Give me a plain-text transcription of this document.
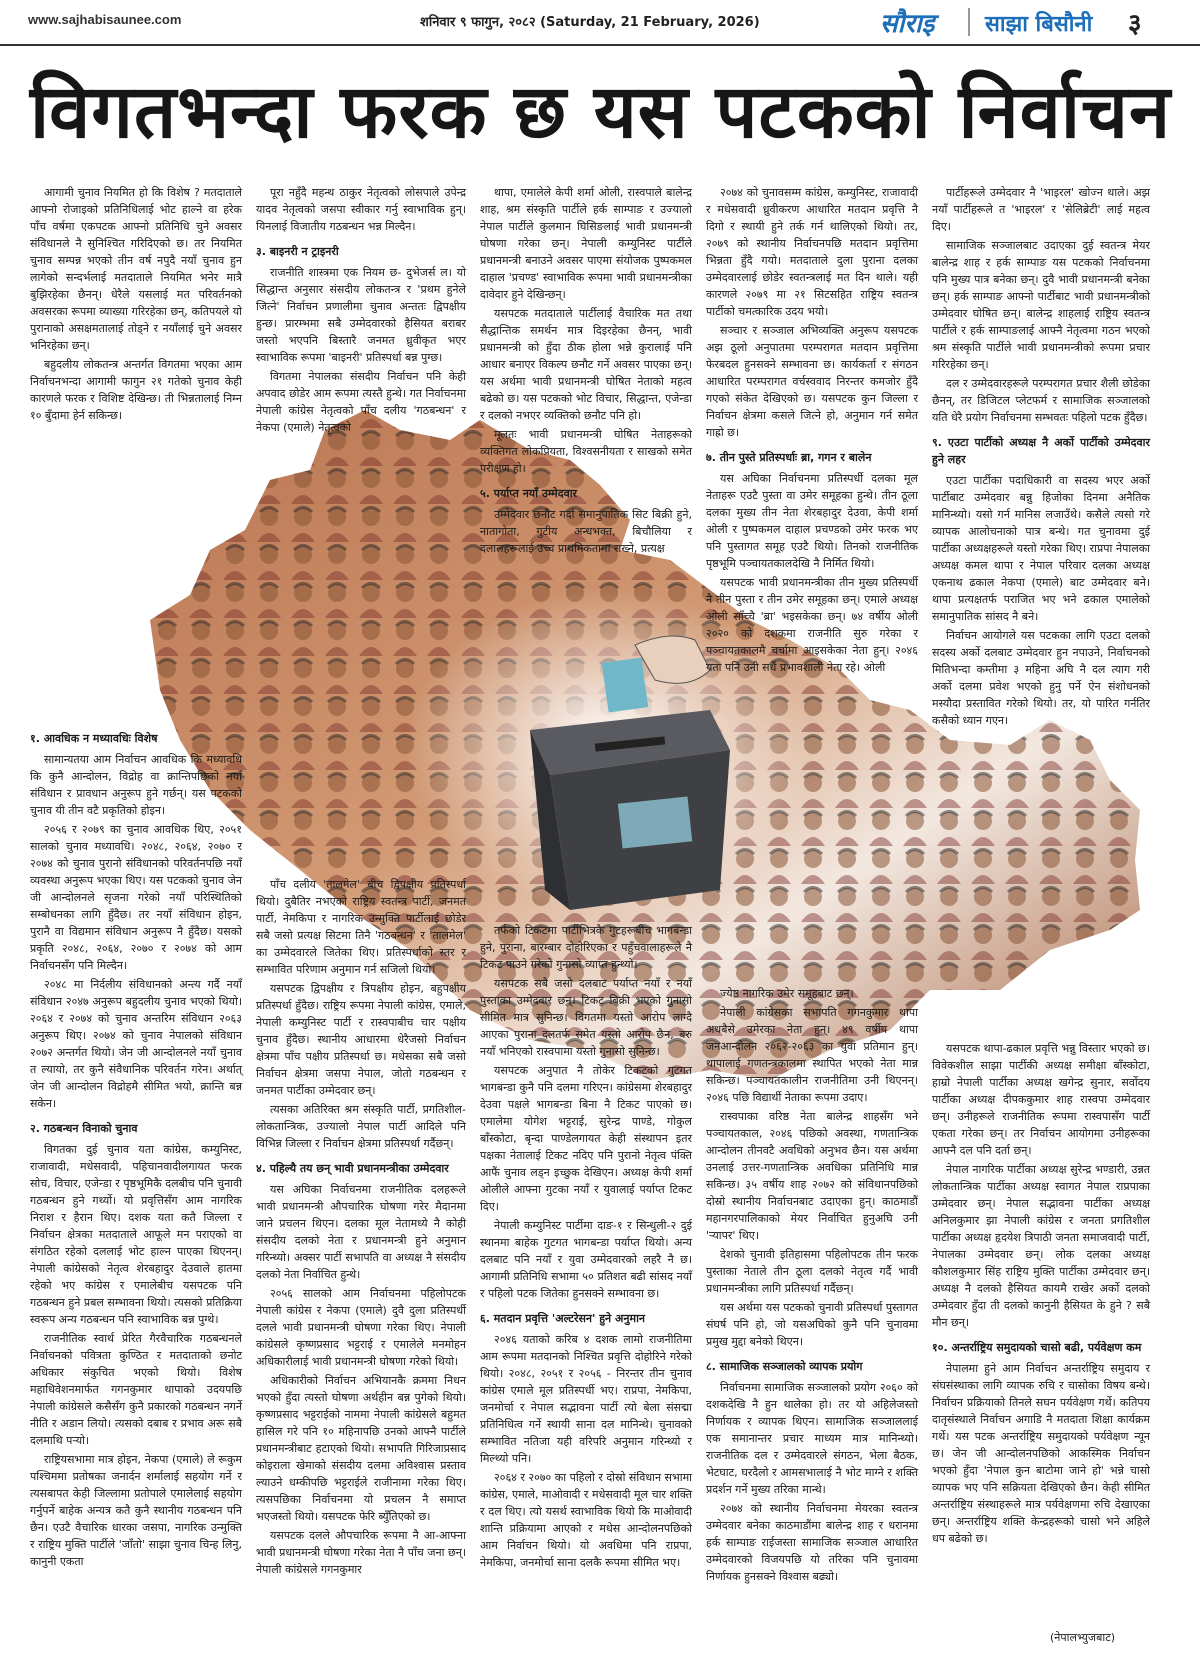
www.sajhabisaunee.com	शनिवार ९ फागुन, २०८२ (Saturday, 21 February, 2026)	सौराइ साझा बिसौनी ३
विगतभन्दा फरक छ यस पटकको निर्वाचन

आगामी चुनाव नियमित हो कि विशेष ? मतदाताले आफ्नो रोजाइको प्रतिनिधिलाई भोट हाल्ने वा हरेक पाँच वर्षमा एकपटक आफ्नो प्रतिनिधि चुने अवसर संविधानले नै सुनिश्चित गरिदिएको छ। तर नियमित चुनाव सम्पन्न भएको तीन वर्ष नपुदै नयाँ चुनाव हुन लागेको सन्दर्भलाई मतदाताले नियमित भनेर मात्रै बुझिरहेका छैनन्। धेरैले यसलाई मत परिवर्तनको अवसरका रूपमा व्याख्या गरिरहेका छन्, कतिपयले यो पुरानाको असक्षमतालाई तोड्ने र नयाँलाई चुने अवसर भनिरहेका छन्।

बहुदलीय लोकतन्त्र अन्तर्गत विगतमा भएका आम निर्वाचनभन्दा आगामी फागुन २१ गतेको चुनाव केही कारणले फरक र विशिष्ट देखिन्छ। ती भिन्नतालाई निम्न १० बुँदामा हेर्न सकिन्छ।

१. आवधिक न मध्यावधिः विशेष

सामान्यतया आम निर्वाचन आवधिक कि मध्यावधि कि कुनै आन्दोलन, विद्रोह वा क्रान्तिपछिको नयाँ संविधान र प्रावधान अनुरूप हुने गर्छन्। यस पटकको चुनाव यी तीन वटै प्रकृतिको होइन।

२०५६ र २०७९ का चुनाव आवधिक थिए, २०५१ सालको चुनाव मध्यावधि। २०४८, २०६४, २०७० र २०७४ को चुनाव पुरानो संविधानको परिवर्तनपछि नयाँ व्यवस्था अनुरूप भएका थिए। यस पटकको चुनाव जेन जी आन्दोलनले सृजना गरेको नयाँ परिस्थितिको सम्बोधनका लागि हुँदैछ। तर नयाँ संविधान होइन, पुरानै वा विद्यमान संविधान अनुरूप नै हुँदैछ। यसको प्रकृति २०४८, २०६४, २०७० र २०७४ को आम निर्वाचनसँग पनि मिल्दैन।

२०४८ मा निर्दलीय संविधानको अन्त्य गर्दै नयाँ संविधान २०४७ अनुरूप बहुदलीय चुनाव भएको थियो। २०६४ र २०७४ को चुनाव अन्तरिम संविधान २०६३ अनुरूप थिए। २०७४ को चुनाव नेपालको संविधान २०७२ अन्तर्गत थियो। जेन जी आन्दोलनले नयाँ चुनाव त ल्यायो, तर कुनै संवैधानिक परिवर्तन गरेन। अर्थात् जेन जी आन्दोलन विद्रोहमै सीमित भयो, क्रान्ति बन्न सकेन।

२. गठबन्धन विनाको चुनाव

विगतका दुई चुनाव यता कांग्रेस, कम्युनिस्ट, राजावादी, मधेसवादी, पहिचानवादीलगायत फरक सोच, विचार, एजेन्डा र पृष्ठभूमिकै दलबीच पनि चुनावी गठबन्धन हुने गर्थ्यो। यो प्रवृत्तिसँग आम नागरिक निराश र हैरान थिए। दशक यता कतै जिल्ला र निर्वाचन क्षेत्रका मतदाताले आफूले मन पराएको वा संगठित रहेको दललाई भोट हाल्न पाएका थिएनन्। नेपाली कांग्रेसको नेतृत्व शेरबहादुर देउवाले हातमा रहेको भए कांग्रेस र एमालेबीच यसपटक पनि गठबन्धन हुने प्रबल सम्भावना थियो। त्यसको प्रतिक्रिया स्वरूप अन्य गठबन्धन पनि स्वाभाविक बन्न पुग्थे।

राजनीतिक स्वार्थ प्रेरित गैरवैचारिक गठबन्धनले निर्वाचनको पवित्रता कुण्ठित र मतदाताको छनोट अधिकार संकुचित भएको थियो। विशेष महाधिवेशनमार्फत गगनकुमार थापाको उदयपछि नेपाली कांग्रेसले कसैसँग कुनै प्रकारको गठबन्धन नगर्ने नीति र अडान लियो। त्यसको दबाब र प्रभाव अरू सबै दलमाथि पर्‍यो।

राष्ट्रियसभामा मात्र होइन, नेकपा (एमाले) ले रूकुम पश्चिममा प्रतोषका जनार्दन शर्मालाई सहयोग गर्ने र त्यसबापत केही जिल्लामा प्रतोपाले एमालेलाई सहयोग गर्नुपर्ने बाहेक अन्यत्र कतै कुनै स्थानीय गठबन्धन पनि छैन। एउटै वैचारिक धारका जसपा, नागरिक उन्मुक्ति र राष्ट्रिय मुक्ति पार्टीले 'जाँतो' साझा चुनाव चिन्ह लिनु, कानुनी एकता

पूरा नहुँदै महन्थ ठाकुर नेतृत्वको लोसपाले उपेन्द्र यादव नेतृत्वको जसपा स्वीकार गर्नु स्वाभाविक हुन्। यिनलाई विजातीय गठबन्धन भन्न मिल्दैन।

३. बाइनरी न ट्राइनरी

राजनीति शास्त्रमा एक नियम छ- दुभेजर्स ल। यो सिद्धान्त अनुसार संसदीय लोकतन्त्र र 'प्रथम हुनेले जित्ने' निर्वाचन प्रणालीमा चुनाव अन्ततः द्विपक्षीय हुन्छ। प्रारम्भमा सबै उम्मेदवारको हैसियत बराबर जस्तो भएपनि बिस्तारै जनमत ध्रुवीकृत भएर स्वाभाविक रूपमा 'बाइनरी' प्रतिस्पर्धा बन्न पुग्छ।

विगतमा नेपालका संसदीय निर्वाचन पनि केही अपवाद छोडेर आम रूपमा त्यस्तै हुन्थे। गत निर्वाचनमा नेपाली कांग्रेस नेतृत्वको पाँच दलीय 'गठबन्धन' र नेकपा (एमाले) नेतृत्वको

पाँच दलीय 'तालमेल' बीच द्विपक्षीय प्रतिस्पर्धा थियो। दुबैतिर नभएको राष्ट्रिय स्वतन्त्र पार्टी, जनमत पार्टी, नेमकिपा र नागरिक उन्मुक्ति पार्टीलाई छोडेर सबै जसो प्रत्यक्ष सिटमा तिनै 'गठबन्धन' र 'तालमेल' का उम्मेदवारले जितेका थिए। प्रतिस्पर्धाको स्तर र सम्भावित परिणाम अनुमान गर्न सजिलो थियो।

यसपटक द्विपक्षीय र त्रिपक्षीय होइन, बहुपक्षीय प्रतिस्पर्धा हुँदैछ। राष्ट्रिय रूपमा नेपाली कांग्रेस, एमाले, नेपाली कम्युनिस्ट पार्टी र रास्वपाबीच चार पक्षीय चुनाव हुँदैछ। स्थानीय आधारमा धेरैजसो निर्वाचन क्षेत्रमा पाँच पक्षीय प्रतिस्पर्धा छ। मधेसका सबै जसो निर्वाचन क्षेत्रमा जसपा नेपाल, जोतो गठबन्धन र जनमत पार्टीका उम्मेदवार छन्।

त्यसका अतिरिक्त श्रम संस्कृति पार्टी, प्रगतिशील- लोकतान्त्रिक, उज्यालो नेपाल पार्टी आदिले पनि विभिन्न जिल्ला र निर्वाचन क्षेत्रमा प्रतिस्पर्धा गर्दैछन्।

४. पहिल्यै तय छन् भावी प्रधानमन्त्रीका उम्मेदवार

यस अघिका निर्वाचनमा राजनीतिक दलहरूले भावी प्रधानमन्त्री औपचारिक घोषणा गरेर मैदानमा जाने प्रचलन थिएन। दलका मूल नेतामध्ये नै कोही संसदीय दलको नेता र प्रधानमन्त्री हुने अनुमान गरिन्थ्यो। अक्सर पार्टी सभापति वा अध्यक्ष नै संसदीय दलको नेता निर्वाचित हुन्थे।

२०५६ सालको आम निर्वाचनमा पहिलोपटक नेपाली कांग्रेस र नेकपा (एमाले) दुवै दुला प्रतिस्पर्धी दलले भावी प्रधानमन्त्री घोषणा गरेका थिए। नेपाली कांग्रेसले कृष्णप्रसाद भट्टराई र एमालेले मनमोहन अधिकारीलाई भावी प्रधानमन्त्री घोषणा गरेको थियो।

अधिकारीको निर्वाचन अभियानकै क्रममा निधन भएको हुँदा त्यस्तो घोषणा अर्थहीन बन्न पुगेको थियो। कृष्णप्रसाद भट्टराईको नाममा नेपाली कांग्रेसले बहुमत हासिल गरे पनि १० महिनापछि उनको आफ्नै पार्टीले प्रधानमन्त्रीबाट हटाएको थियो। सभापति गिरिजाप्रसाद कोइराला खेमाको संसदीय दलमा अविश्वास प्रस्ताव ल्याउने धम्कीपछि भट्टराईले राजीनामा गरेका थिए। त्यसपछिका निर्वाचनमा यो प्रचलन नै समाप्त भएजस्तो थियो। यसपटक फेरि ब्युँतिएको छ।

यसपटक दलले औपचारिक रूपमा नै आ-आफ्ना भावी प्रधानमन्त्री घोषणा गरेका नेता नै पाँच जना छन्। नेपाली कांग्रेसले गगनकुमार

थापा, एमालेले केपी शर्मा ओली, रास्वपाले बालेन्द्र शाह, श्रम संस्कृति पार्टीले हर्क साम्पाङ र उज्यालो नेपाल पार्टीले कुलमान घिसिङलाई भावी प्रधानमन्त्री घोषणा गरेका छन्। नेपाली कम्युनिस्ट पार्टीले प्रधानमन्त्री बनाउने अवसर पाएमा संयोजक पुष्पकमल दाहाल 'प्रचण्ड' स्वाभाविक रूपमा भावी प्रधानमन्त्रीका दावेदार हुने देखिन्छन्।

यसपटक मतदाताले पार्टीलाई वैचारिक मत तथा सैद्धान्तिक समर्थन मात्र दिइरहेका छैनन्, भावी प्रधानमन्त्री को हुँदा ठीक होला भन्ने कुरालाई पनि आधार बनाएर विकल्प छनौट गर्ने अवसर पाएका छन्। यस अर्थमा भावी प्रधानमन्त्री घोषित नेताको महत्व बढेको छ। यस पटकको भोट विचार, सिद्धान्त, एजेन्डा र दलको नभएर व्यक्तिको छनौट पनि हो।

मूलतः भावी प्रधानमन्त्री घोषित नेताहरूको व्यक्तिगत लोकप्रियता, विश्वसनीयता र साखको समेत परीक्षण हो।

५. पर्याप्त नयाँ उम्मेदवार

उम्मेदवार छनौट गर्दा समानुपातिक सिट बिक्री हुने, नातागोता, गुटीय अन्धभक्त, बिचौलिया र दलालहरूलाई उच्च प्राथमिकतामा राख्ने, प्रत्यक्ष

तर्फको टिकटमा पार्टीभित्रकै गुटहरूबीच भागबन्डा हुने, पुराना, बारम्बार दोहोरिएका र पहुँचवालाहरूले नै टिकट पाउने गरेको गुनासो व्याप्त हुन्थ्यो।

यसपटक सबै जसो दलबाट पर्याप्त नयाँ र नयाँ पुस्ताका उम्मेदवार छन्। टिकट बिक्री भएको गुनासो सीमित मात्र सुनिन्छ। विगतमा यस्तो आरोप लाग्दै आएका पुराना दलतर्फ समेत यस्तो आरोप छैन, बरु नयाँ भनिएको रास्वपामा यस्तो गुनासो सुनिन्छ।

यसपटक अनुपात नै तोकेर टिकटको गुटगत भागबन्डा कुनै पनि दलमा गरिएन। कांग्रेसमा शेरबहादुर देउवा पक्षले भागबन्डा बिना नै टिकट पाएको छ। एमालेमा योगेश भट्टराई, सुरेन्द्र पाण्डे, गोकुल बाँस्कोटा, बृन्दा पाण्डेलगायत केही संस्थापन इतर पक्षका नेतालाई टिकट नदिए पनि पुरानो नेतृत्व पंक्ति आफैं चुनाव लड्न इच्छुक देखिएन। अध्यक्ष केपी शर्मा ओलीले आफ्ना गुटका नयाँ र युवालाई पर्याप्त टिकट दिए।

नेपाली कम्युनिस्ट पार्टीमा दाङ-१ र सिन्धुली-२ दुई स्थानमा बाहेक गुटगत भागबन्डा पर्याप्त थियो। अन्य दलबाट पनि नयाँ र युवा उम्मेदवारको लहरै नै छ। आगामी प्रतिनिधि सभामा ५० प्रतिशत बढी सांसद नयाँ र पहिलो पटक जितेका हुनसक्ने सम्भावना छ।

६. मतदान प्रवृत्ति 'अल्टरेसन' हुने अनुमान

२०४६ यताको करिब ४ दशक लामो राजनीतिमा आम रूपमा मतदानको निश्चित प्रवृत्ति दोहोरिने गरेको थियो। २०४८, २०५१ र २०५६ - निरन्तर तीन चुनाव कांग्रेस एमाले मूल प्रतिस्पर्धी भए। राप्रपा, नेमकिपा, जनमोर्चा र नेपाल सद्भावना पार्टी त्यो बेला संसद्मा प्रतिनिधित्व गर्ने स्थायी साना दल मानिन्थे। चुनावको सम्भावित नतिजा यही वरिपरि अनुमान गरिन्थ्यो र मिल्थ्यो पनि।

२०६४ र २०७० का पहिलो र दोस्रो संविधान सभामा कांग्रेस, एमाले, माओवादी र मधेसवादी मूल चार शक्ति र दल थिए। त्यो यसर्थ स्वाभाविक थियो कि माओवादी शान्ति प्रक्रियामा आएको र मधेस आन्दोलनपछिको आम निर्वाचन थियो। यो अवधिमा पनि राप्रपा, नेमकिपा, जनमोर्चा साना दलकै रूपमा सीमित भए।

२०७४ को चुनावसम्म कांग्रेस, कम्युनिस्ट, राजावादी र मधेसवादी ध्रुवीकरण आधारित मतदान प्रवृत्ति नै दिगो र स्थायी हुने तर्क गर्न थालिएको थियो। तर, २०७९ को स्थानीय निर्वाचनपछि मतदान प्रवृत्तिमा भिन्नता हुँदै गयो। मतदाताले दुला पुराना दलका उम्मेदवारलाई छोडेर स्वतन्त्रलाई मत दिन थाले। यही कारणले २०७९ मा २१ सिटसहित राष्ट्रिय स्वतन्त्र पार्टीको चमत्कारिक उदय भयो।

सञ्चार र सञ्जाल अभिव्यक्ति अनुरूप यसपटक अझ ठूलो अनुपातमा परम्परागत मतदान प्रवृत्तिमा फेरबदल हुनसक्ने सम्भावना छ। कार्यकर्ता र संगठन आधारित परम्परागत वर्चस्ववाद निरन्तर कमजोर हुँदै गएको संकेत देखिएको छ। यसपटक कुन जिल्ला र निर्वाचन क्षेत्रमा कसले जित्ने हो, अनुमान गर्न समेत गाह्रो छ।

७. तीन पुस्ते प्रतिस्पर्धाः ब्रा, गगन र बालेन

यस अघिका निर्वाचनमा प्रतिस्पर्धी दलका मूल नेताहरू एउटै पुस्ता वा उमेर समूहका हुन्थे। तीन ठूला दलका मुख्य तीन नेता शेरबहादुर देउवा, केपी शर्मा ओली र पुष्पकमल दाहाल प्रचण्डको उमेर फरक भए पनि पुस्तागत समूह एउटै थियो। तिनको राजनीतिक पृष्ठभूमि पञ्चायतकालदेखि नै निर्मित थियो।

यसपटक भावी प्रधानमन्त्रीका तीन मुख्य प्रतिस्पर्धी नै तीन पुस्ता र तीन उमेर समूहका छन्। एमाले अध्यक्ष ओली साँच्चै 'ब्रा' भइसकेका छन्। ७४ वर्षीय ओली २०२० को दशकमा राजनीति सुरु गरेका र पञ्चायतकालमै चर्चामा आइसकेका नेता हुन्। २०४६ यता पनि उनी सधैं प्रभावशाली नेता रहे। ओली

ज्येष्ठ नागरिक उमेर समूहबाट छन्।

नेपाली कांग्रेसका सभापति गगनकुमार थापा अधबैसे उमेरका नेता हुन्। ४९ वर्षीय थापा जनआन्दोलन २०६२-२०६३ का युवा प्रतिमान हुन्। थापालाई गणतन्त्रकालमा स्थापित भएको नेता मान्न सकिन्छ। पञ्चायतकालीन राजनीतिमा उनी थिएनन्। २०४६ पछि विद्यार्थी नेताका रूपमा उदाए।

रास्वपाका वरिष्ठ नेता बालेन्द्र शाहसँग भने पञ्चायतकाल, २०४६ पछिको अवस्था, गणतान्त्रिक आन्दोलन तीनवटै अवधिको अनुभव छैन। यस अर्थमा उनलाई उत्तर-गणतान्त्रिक अवधिका प्रतिनिधि मान्न सकिन्छ। ३५ वर्षीय शाह २०७२ को संविधानपछिको दोस्रो स्थानीय निर्वाचनबाट उदाएका हुन्। काठमाडौं महानगरपालिकाको मेयर निर्वाचित हुनुअघि उनी 'र्‍यापर' थिए।

देशको चुनावी इतिहासमा पहिलोपटक तीन फरक पुस्ताका नेताले तीन ठूला दलको नेतृत्व गर्दै भावी प्रधानमन्त्रीका लागि प्रतिस्पर्धा गर्दैछन्।

यस अर्थमा यस पटकको चुनावी प्रतिस्पर्धा पुस्तागत संघर्ष पनि हो, जो यसअघिको कुनै पनि चुनावमा प्रमुख मुद्दा बनेको थिएन।

८. सामाजिक सञ्जालको व्यापक प्रयोग

निर्वाचनमा सामाजिक सञ्जालको प्रयोग २०६० को दशकदेखि नै हुन थालेका हो। तर यो अहिलेजस्तो निर्णायक र व्यापक थिएन। सामाजिक सञ्जाललाई एक समानान्तर प्रचार माध्यम मात्र मानिन्थ्यो। राजनीतिक दल र उम्मेदवारले संगठन, भेला बैठक, भेटघाट, घरदैलो र आमसभालाई नै भोट माग्ने र शक्ति प्रदर्शन गर्ने मुख्य तरिका मान्थे।

२०७४ को स्थानीय निर्वाचनमा मेयरका स्वतन्त्र उम्मेदवार बनेका काठमाडौंमा बालेन्द्र शाह र धरानमा हर्क साम्पाङ राईजस्ता सामाजिक सञ्जाल आधारित उम्मेदवारको विजयपछि यो तरिका पनि चुनावमा निर्णायक हुनसक्ने विश्वास बढ्यो।

पार्टीहरूले उम्मेदवार नै 'भाइरल' खोज्न थाले। अझ नयाँ पार्टीहरूले त 'भाइरल' र 'सेलिब्रेटी' लाई महत्व दिए।

सामाजिक सञ्जालबाट उदाएका दुई स्वतन्त्र मेयर बालेन्द्र शाह र हर्क साम्पाङ यस पटकको निर्वाचनमा पनि मुख्य पात्र बनेका छन्। दुवै भावी प्रधानमन्त्री बनेका छन्। हर्क साम्पाङ आफ्नो पार्टीबाट भावी प्रधानमन्त्रीको उम्मेदवार घोषित छन्। बालेन्द्र शाहलाई राष्ट्रिय स्वतन्त्र पार्टीले र हर्क साम्पाङलाई आफ्नै नेतृत्वमा गठन भएको श्रम संस्कृति पार्टीले भावी प्रधानमन्त्रीको रूपमा प्रचार गरिरहेका छन्।

दल र उम्मेदवारहरूले परम्परागत प्रचार शैली छोडेका छैनन्, तर डिजिटल प्लेटफर्म र सामाजिक सञ्जालको यति धेरै प्रयोग निर्वाचनमा सम्भवतः पहिलो पटक हुँदैछ।

९. एउटा पार्टीको अध्यक्ष नै अर्को पार्टीको उम्मेदवार हुने लहर

एउटा पार्टीका पदाधिकारी वा सदस्य भएर अर्को पार्टीबाट उम्मेदवार बन्नु हिजोका दिनमा अनैतिक मानिन्थ्यो। यसो गर्न मानिस लजाउँथे। कसैले त्यसो गरे व्यापक आलोचनाको पात्र बन्थे। गत चुनावमा दुई पार्टीका अध्यक्षहरूले यस्तो गरेका थिए। राप्रपा नेपालका अध्यक्ष कमल थापा र नेपाल परिवार दलका अध्यक्ष एकनाथ ढकाल नेकपा (एमाले) बाट उम्मेदवार बने। थापा प्रत्यक्षतर्फ पराजित भए भने ढकाल एमालेको समानुपातिक सांसद नै बने।

निर्वाचन आयोगले यस पटकका लागि एउटा दलको सदस्य अर्को दलबाट उम्मेदवार हुन नपाउने, निर्वाचनको मितिभन्दा कम्तीमा ३ महिना अघि नै दल त्याग गरी अर्को दलमा प्रवेश भएको हुनु पर्ने ऐन संशोधनको मस्यौदा प्रस्तावित गरेको थियो। तर, यो पारित गर्नतिर कसैको ध्यान गएन।

यसपटक थापा-ढकाल प्रवृत्ति भन्नु विस्तार भएको छ। विवेकशील साझा पार्टीकी अध्यक्ष समीक्षा बाँस्कोटा, हाम्रो नेपाली पार्टीका अध्यक्ष खगेन्द्र सुनार, सर्वोदय पार्टीका अध्यक्ष दीपककुमार शाह रास्वपा उम्मेदवार छन्। उनीहरूले राजनीतिक रूपमा रास्वपासँग पार्टी एकता गरेका छन्। तर निर्वाचन आयोगमा उनीहरूका आफ्नै दल पनि दर्ता छन्।

नेपाल नागरिक पार्टीका अध्यक्ष सुरेन्द्र भण्डारी, उन्नत लोकतान्त्रिक पार्टीका अध्यक्ष स्वागत नेपाल राप्रपाका उम्मेदवार छन्। नेपाल सद्भावना पार्टीका अध्यक्ष अनिलकुमार झा नेपाली कांग्रेस र जनता प्रगतिशील पार्टीका अध्यक्ष हृदयेश त्रिपाठी जनता समाजवादी पार्टी, नेपालका उम्मेदवार छन्। लोक दलका अध्यक्ष कौशलकुमार सिंह राष्ट्रिय मुक्ति पार्टीका उम्मेदवार छन्। अध्यक्ष नै दलको हैसियत कायमै राखेर अर्को दलको उम्मेदवार हुँदा ती दलको कानुनी हैसियत के हुने ? सबै मौन छन्।

१०. अन्तर्राष्ट्रिय समुदायको चासो बढी, पर्यवेक्षण कम

नेपालमा हुने आम निर्वाचन अन्तर्राष्ट्रिय समुदाय र संघसंस्थाका लागि व्यापक रुचि र चासोका विषय बन्थे। निर्वाचन प्रक्रियाको तिनले सघन पर्यवेक्षण गर्थे। कतिपय दातृसंस्थाले निर्वाचन अगाडि नै मतदाता शिक्षा कार्यक्रम गर्थे। यस पटक अन्तर्राष्ट्रिय समुदायको पर्यवेक्षण न्यून छ। जेन जी आन्दोलनपछिको आकस्मिक निर्वाचन भएको हुँदा 'नेपाल कुन बाटोमा जाने हो' भन्ने चासो व्यापक भए पनि सक्रियता देखिएको छैन। केही सीमित अन्तर्राष्ट्रिय संस्थाहरूले मात्र पर्यवेक्षणमा रुचि देखाएका छन्। अन्तर्राष्ट्रिय शक्ति केन्द्रहरूको चासो भने अहिले धप बढेको छ।

(नेपालभ्युजबाट)
